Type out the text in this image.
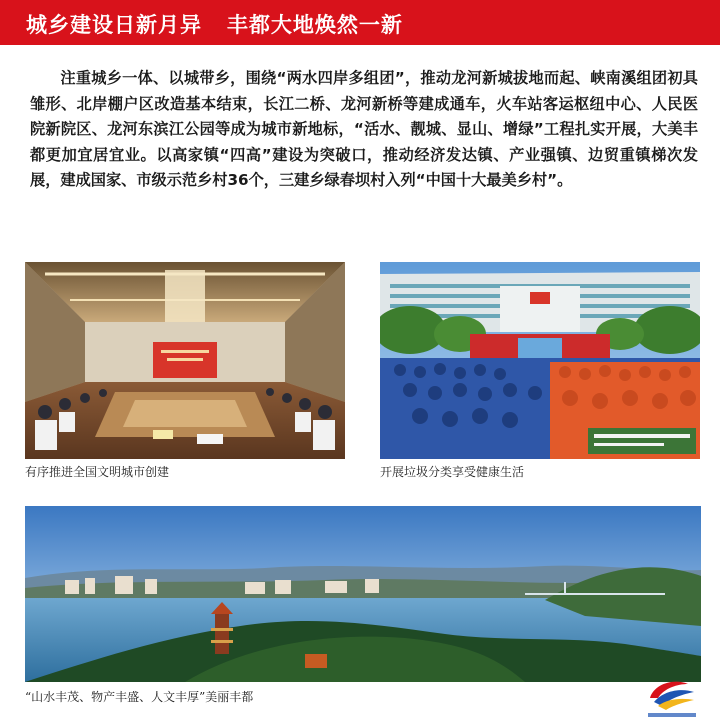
城乡建设日新月异   丰都大地焕然一新
注重城乡一体、以城带乡，围绕“两水四岸多组团”，推动龙河新城拔地而起、峡南溪组团初具雏形、北岸棚户区改造基本结束，长江二桥、龙河新桥等建成通车，火车站客运枢纽中心、人民医院新院区、龙河东滨江公园等成为城市新地标，“活水、靓城、显山、增绿”工程扎实开展，大美丰都更加宜居宜业。以高家镇“四高”建设为突破口，推动经济发达镇、产业强镇、边贸重镇梯次发展，建成国家、市级示范乡村36个，三建乡绿春坝村入列“中国十大最美乡村”。
有序推进全国文明城市创建	开展垃圾分类享受健康生活
“山水丰茂、物产丰盛、人文丰厚”美丽丰都
